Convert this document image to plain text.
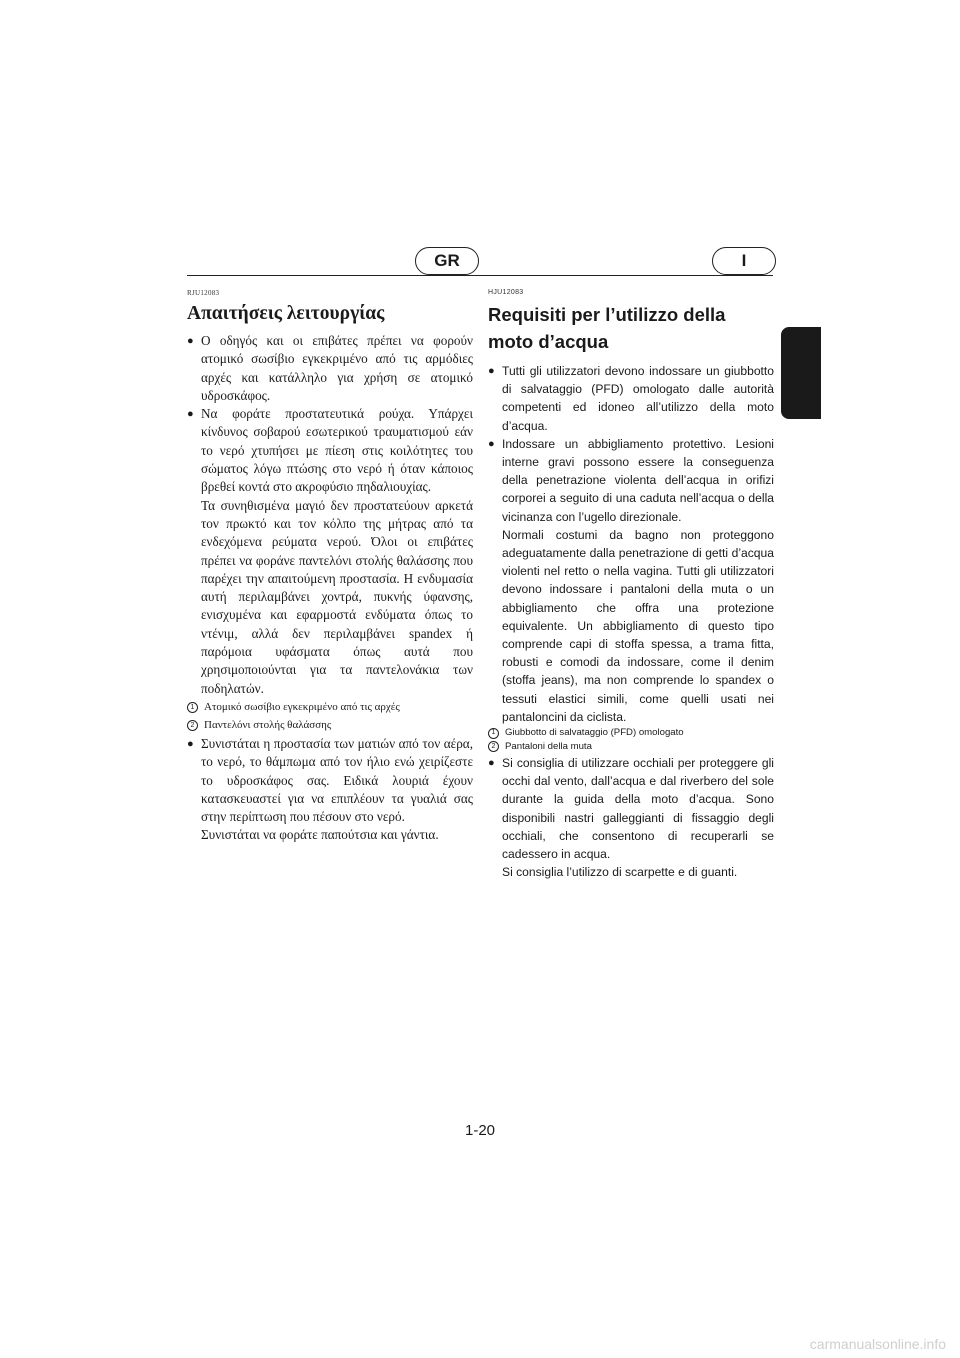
GR	I

RJU12083

Απαιτήσεις λειτουργίας
● Ο οδηγός και οι επιβάτες πρέπει να φορούν ατομικό σωσίβιο εγκεκριμένο από τις αρμόδιες αρχές και κατάλληλο για χρήση σε ατομικό υδροσκάφος.
● Να φοράτε προστατευτικά ρούχα. Υπάρχει κίνδυνος σοβαρού εσωτερικού τραυματισμού εάν το νερό χτυπήσει με πίεση στις κοιλότητες του σώματος λόγω πτώσης στο νερό ή όταν κάποιος βρεθεί κοντά στο ακροφύσιο πηδαλιουχίας.
Τα συνηθισμένα μαγιό δεν προστατεύουν αρκετά τον πρωκτό και τον κόλπο της μήτρας από τα ενδεχόμενα ρεύματα νερού. Όλοι οι επιβάτες πρέπει να φοράνε παντελόνι στολής θαλάσσης που παρέχει την απαιτούμενη προστασία. Η ενδυμασία αυτή περιλαμβάνει χοντρά, πυκνής ύφανσης, ενισχυμένα και εφαρμοστά ενδύματα όπως το ντένιμ, αλλά δεν περιλαμβάνει spandex ή παρόμοια υφάσματα όπως αυτά που χρησιμοποιούνται για τα παντελονάκια των ποδηλατών.
1 Ατομικό σωσίβιο εγκεκριμένο από τις αρχές
2 Παντελόνι στολής θαλάσσης
● Συνιστάται η προστασία των ματιών από τον αέρα, το νερό, το θάμπωμα από τον ήλιο ενώ χειρίζεστε το υδροσκάφος σας. Ειδικά λουριά έχουν κατασκευαστεί για να επιπλέουν τα γυαλιά σας στην περίπτωση που πέσουν στο νερό.
Συνιστάται να φοράτε παπούτσια και γάντια.

HJU12083

Requisiti per l’utilizzo della moto d’acqua
● Tutti gli utilizzatori devono indossare un giubbotto di salvataggio (PFD) omologato dalle autorità competenti ed idoneo all’utilizzo della moto d’acqua.
● Indossare un abbigliamento protettivo. Lesioni interne gravi possono essere la conseguenza della penetrazione violenta dell’acqua in orifizi corporei a seguito di una caduta nell’acqua o della vicinanza con l’ugello direzionale.
Normali costumi da bagno non proteggono adeguatamente dalla penetrazione di getti d’acqua violenti nel retto o nella vagina. Tutti gli utilizzatori devono indossare i pantaloni della muta o un abbigliamento che offra una protezione equivalente. Un abbigliamento di questo tipo comprende capi di stoffa spessa, a trama fitta, robusti e comodi da indossare, come il denim (stoffa jeans), ma non comprende lo spandex o tessuti elastici simili, come quelli usati nei pantaloncini da ciclista.
1 Giubbotto di salvataggio (PFD) omologato
2 Pantaloni della muta
● Si consiglia di utilizzare occhiali per proteggere gli occhi dal vento, dall’acqua e dal riverbero del sole durante la guida della moto d’acqua. Sono disponibili nastri galleggianti di fissaggio degli occhiali, che consentono di recuperarli se cadessero in acqua.
Si consiglia l’utilizzo di scarpette e di guanti.
1-20
carmanualsonline.info
